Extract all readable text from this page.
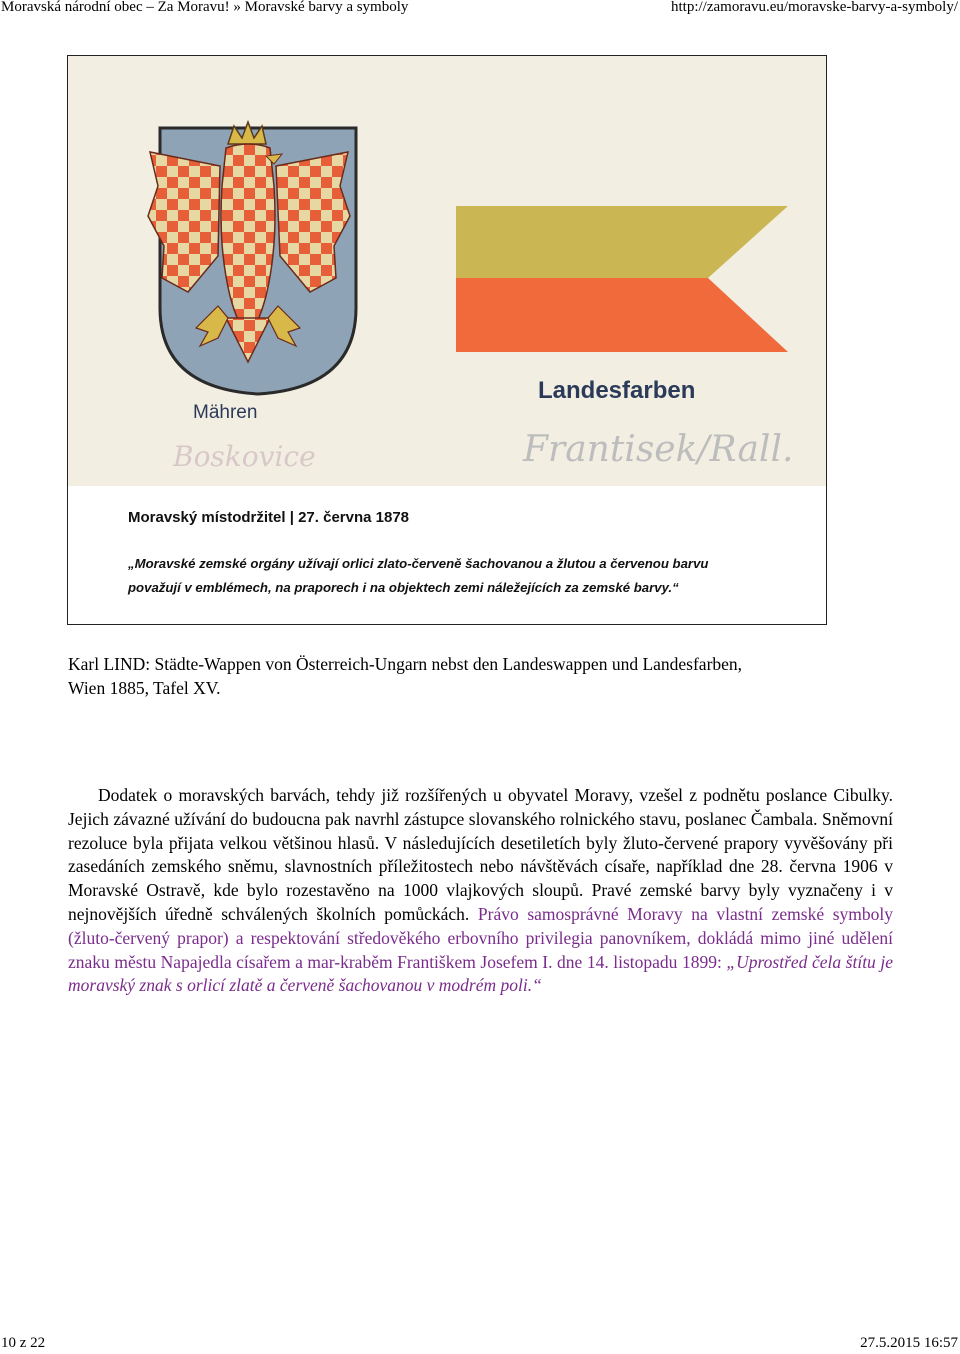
Moravská národní obec – Za Moravu! » Moravské barvy a symboly	http://zamoravu.eu/moravske-barvy-a-symboly/
Mähren
Boskovice
Landesfarben
Frantisek/Rall.
Moravský místodržitel | 27. června 1878
„Moravské zemské orgány užívají orlici zlato-červeně šachovanou a žlutou a červenou barvu
považují v emblémech, na praporech i na objektech zemi náležejících za zemské barvy.“
Karl LIND: Städte-Wappen von Österreich-Ungarn nebst den Landeswappen und Landesfarben,
Wien 1885, Tafel XV.
Dodatek o moravských barvách, tehdy již rozšířených u obyvatel Moravy, vzešel z podnětu poslance Cibulky. Jejich závazné užívání do budoucna pak navrhl zástupce slovanského rolnického stavu, poslanec Čambala. Sněmovní rezoluce byla přijata velkou většinou hlasů. V následujících desetiletích byly žluto-červené prapory vyvěšovány při zasedáních zemského sněmu, slavnostních příležitostech nebo návštěvách císaře, například dne 28. června 1906 v Moravské Ostravě, kde bylo rozestavěno na 1000 vlajkových sloupů. Pravé zemské barvy byly vyznačeny i v nejnovějších úředně schválených školních pomůckách. Právo samosprávné Moravy na vlastní zemské symboly (žluto-červený prapor) a respektování středověkého erbovního privilegia panovníkem, dokládá mimo jiné udělení znaku městu Napajedla císařem a mar-kraběm Františkem Josefem I. dne 14. listopadu 1899: „Uprostřed čela štítu je moravský znak s orlicí zlatě a červeně šachovanou v modrém poli.“
10 z 22	27.5.2015 16:57
